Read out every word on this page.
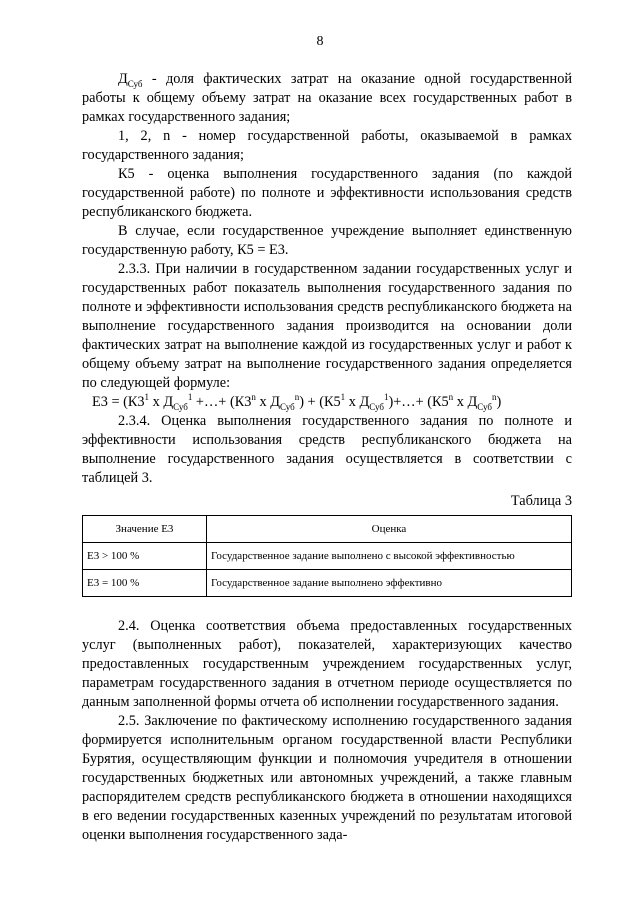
8

$Д_{Суб}$ - доля фактических затрат на оказание одной государственной работы к общему объему затрат на оказание всех государственных работ в рамках государственного задания;

1, 2, n - номер государственной работы, оказываемой в рамках государственного задания;

К5 - оценка выполнения государственного задания (по каждой государственной работе) по полноте и эффективности использования средств республиканского бюджета.

В случае, если государственное учреждение выполняет единственную государственную работу, К5 = Е3.

2.3.3. При наличии в государственном задании государственных услуг и государственных работ показатель выполнения государственного задания по полноте и эффективности использования средств республиканского бюджета на выполнение государственного задания производится на основании доли фактических затрат на выполнение каждой из государственных услуг и работ к общему объему затрат на выполнение государственного задания определяется по следующей формуле:

$Е3 = (К3^1$ х $Д_{Суб}^1$ +…+ ($К3^n$ х $Д_{Суб}^n) + (К5^1$ х $Д_{Суб}^1)+\dots+ (К5^n$ х $Д_{Суб}^n$)

2.3.4. Оценка выполнения государственного задания по полноте и эффективности использования средств республиканского бюджета на выполнение государственного задания осуществляется в соответствии с таблицей 3.

Таблица 3
Значение Е3	Оценка
Е3 > 100 %	Государственное задание выполнено с высокой эффективностью
Е3 = 100 %	Государственное задание выполнено эффективно

2.4. Оценка соответствия объема предоставленных государственных услуг (выполненных работ), показателей, характеризующих качество предоставленных государственным учреждением государственных услуг, параметрам государственного задания в отчетном периоде осуществляется по данным заполненной формы отчета об исполнении государственного задания.

2.5. Заключение по фактическому исполнению государственного задания формируется исполнительным органом государственной власти Республики Бурятия, осуществляющим функции и полномочия учредителя в отношении государственных бюджетных или автономных учреждений, а также главным распорядителем средств республиканского бюджета в отношении находящихся в его ведении государственных казенных учреждений по результатам итоговой оценки выполнения государственного зада-
